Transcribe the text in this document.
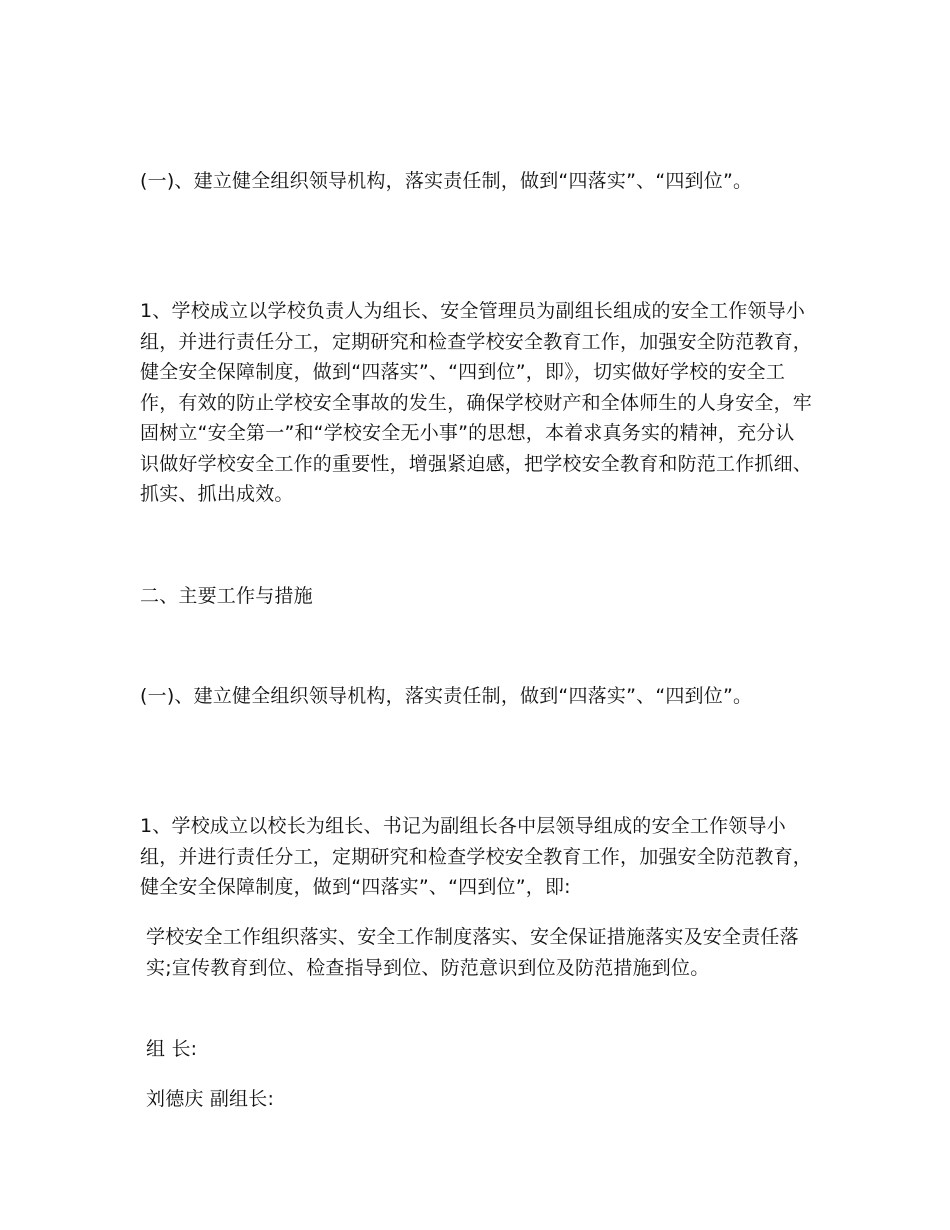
(一)、建立健全组织领导机构，落实责任制，做到“四落实”、“四到位”。

1、学校成立以学校负责人为组长、安全管理员为副组长组成的安全工作领导小组，并进行责任分工，定期研究和检查学校安全教育工作，加强安全防范教育，健全安全保障制度，做到“四落实”、“四到位”，即》，切实做好学校的安全工作，有效的防止学校安全事故的发生，确保学校财产和全体师生的人身安全，牢固树立“安全第一”和“学校安全无小事”的思想，本着求真务实的精神，充分认识做好学校安全工作的重要性，增强紧迫感，把学校安全教育和防范工作抓细、抓实、抓出成效。

二、主要工作与措施

(一)、建立健全组织领导机构，落实责任制，做到“四落实”、“四到位”。

1、学校成立以校长为组长、书记为副组长各中层领导组成的安全工作领导小组，并进行责任分工，定期研究和检查学校安全教育工作，加强安全防范教育，健全安全保障制度，做到“四落实”、“四到位”，即:

学校安全工作组织落实、安全工作制度落实、安全保证措施落实及安全责任落实;宣传教育到位、检查指导到位、防范意识到位及防范措施到位。

组 长:

刘德庆 副组长:
